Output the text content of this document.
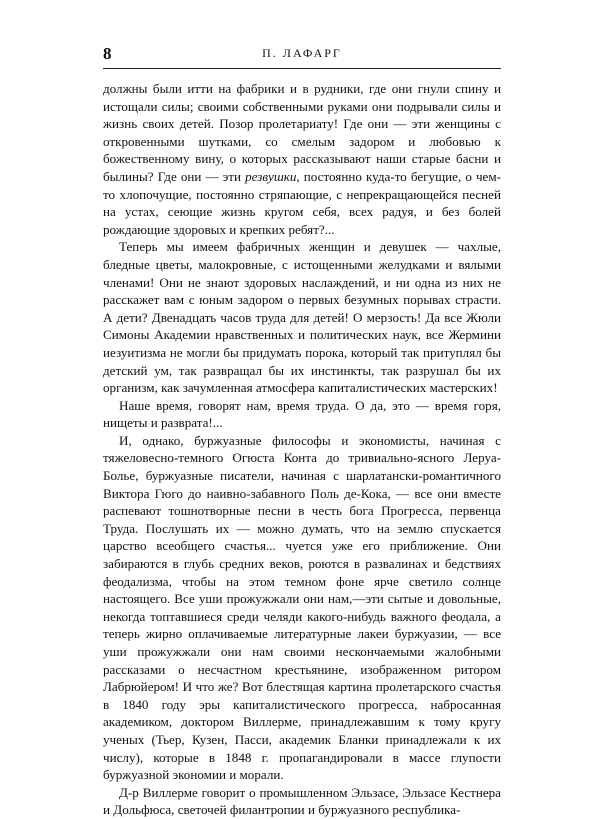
8	П. ЛАФАРГ

должны были итти на фабрики и в рудники, где они гнули спину и истощали силы; своими собственными руками они подрывали силы и жизнь своих детей. Позор пролетариату! Где они — эти женщины с откровенными шутками, со смелым задором и любовью к божественному вину, о которых рассказывают наши старые басни и былины? Где они — эти резвушки, постоянно куда-то бегущие, о чем-то хлопочущие, постоянно стряпающие, с непрекращающейся песней на устах, сеющие жизнь кругом себя, всех радуя, и без болей рождающие здоровых и крепких ребят?...

Теперь мы имеем фабричных женщин и девушек — чахлые, бледные цветы, малокровные, с истощенными желудками и вялыми членами! Они не знают здоровых наслаждений, и ни одна из них не расскажет вам с юным задором о первых безумных порывах страсти. А дети? Двенадцать часов труда для детей! О мерзость! Да все Жюли Симоны Академии нравственных и политических наук, все Жермини иезуитизма не могли бы придумать порока, который так притуплял бы детский ум, так развращал бы их инстинкты, так разрушал бы их организм, как зачумленная атмосфера капиталистических мастерских!

Наше время, говорят нам, время труда. О да, это — время горя, нищеты и разврата!...

И, однако, буржуазные философы и экономисты, начиная с тяжеловесно-темного Огюста Конта до тривиально-ясного Леруа-Болье, буржуазные писатели, начиная с шарлатански-романтичного Виктора Гюго до наивно-забавного Поль де-Кока, — все они вместе распевают тошнотворные песни в честь бога Прогресса, первенца Труда. Послушать их — можно думать, что на землю спускается царство всеобщего счастья... чуется уже его приближение. Они забираются в глубь средних веков, роются в развалинах и бедствиях феодализма, чтобы на этом темном фоне ярче светило солнце настоящего. Все уши прожужжали они нам,—эти сытые и довольные, некогда топтавшиеся среди челяди какого-нибудь важного феодала, а теперь жирно оплачиваемые литературные лакеи буржуазии, — все уши прожужжали они нам своими нескончаемыми жалобными рассказами о несчастном крестьянине, изображенном ритором Лабрюйером! И что же? Вот блестящая картина пролетарского счастья в 1840 году эры капиталистического прогресса, набросанная академиком, доктором Виллерме, принадлежавшим к тому кругу ученых (Тьер, Кузен, Пасси, академик Бланки принадлежали к их числу), которые в 1848 г. пропагандировали в массе глупости буржуазной экономии и морали.

Д-р Виллерме говорит о промышленном Эльзасе, Эльзасе Кестнера и Дольфюса, светочей филантропии и буржуазного республика-
